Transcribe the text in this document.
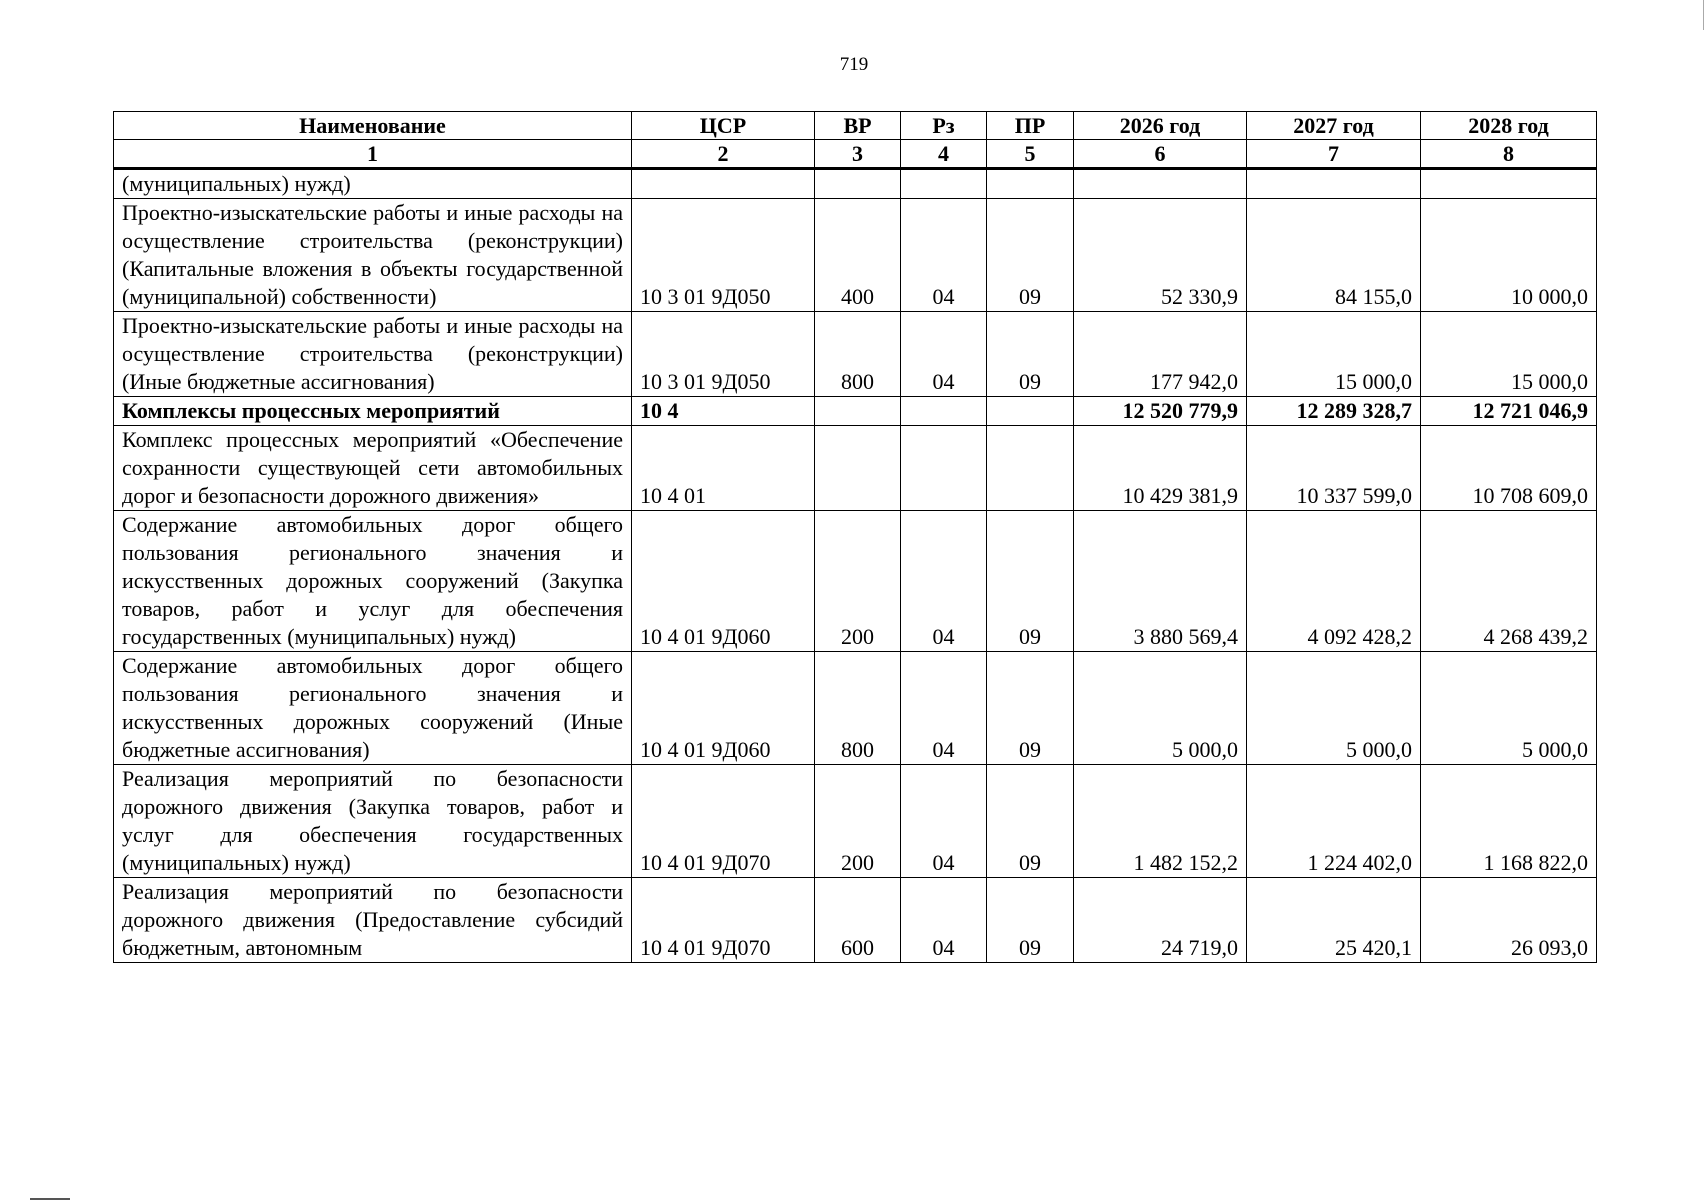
719
Наименование	ЦСР	ВР	Рз	ПР	2026 год	2027 год	2028 год
1	2	3	4	5	6	7	8
(муниципальных) нужд)							
Проектно-изыскательские работы и иные расходы на осуществление строительства (реконструкции) (Капитальные вложения в объекты государственной (муниципальной) собственности)	10 3 01 9Д050	400	04	09	52 330,9	84 155,0	10 000,0
Проектно-изыскательские работы и иные расходы на осуществление строительства (реконструкции) (Иные бюджетные ассигнования)	10 3 01 9Д050	800	04	09	177 942,0	15 000,0	15 000,0
Комплексы процессных мероприятий	10 4				12 520 779,9	12 289 328,7	12 721 046,9
Комплекс процессных мероприятий «Обеспечение сохранности существующей сети автомобильных дорог и безопасности дорожного движения»	10 4 01				10 429 381,9	10 337 599,0	10 708 609,0
Содержание автомобильных дорог общего пользования регионального значения и искусственных дорожных сооружений (Закупка товаров, работ и услуг для обеспечения государственных (муниципальных) нужд)	10 4 01 9Д060	200	04	09	3 880 569,4	4 092 428,2	4 268 439,2
Содержание автомобильных дорог общего пользования регионального значения и искусственных дорожных сооружений (Иные бюджетные ассигнования)	10 4 01 9Д060	800	04	09	5 000,0	5 000,0	5 000,0
Реализация мероприятий по безопасности дорожного движения (Закупка товаров, работ и услуг для обеспечения государственных (муниципальных) нужд)	10 4 01 9Д070	200	04	09	1 482 152,2	1 224 402,0	1 168 822,0
Реализация мероприятий по безопасности дорожного движения (Предоставление субсидий бюджетным, автономным	10 4 01 9Д070	600	04	09	24 719,0	25 420,1	26 093,0
